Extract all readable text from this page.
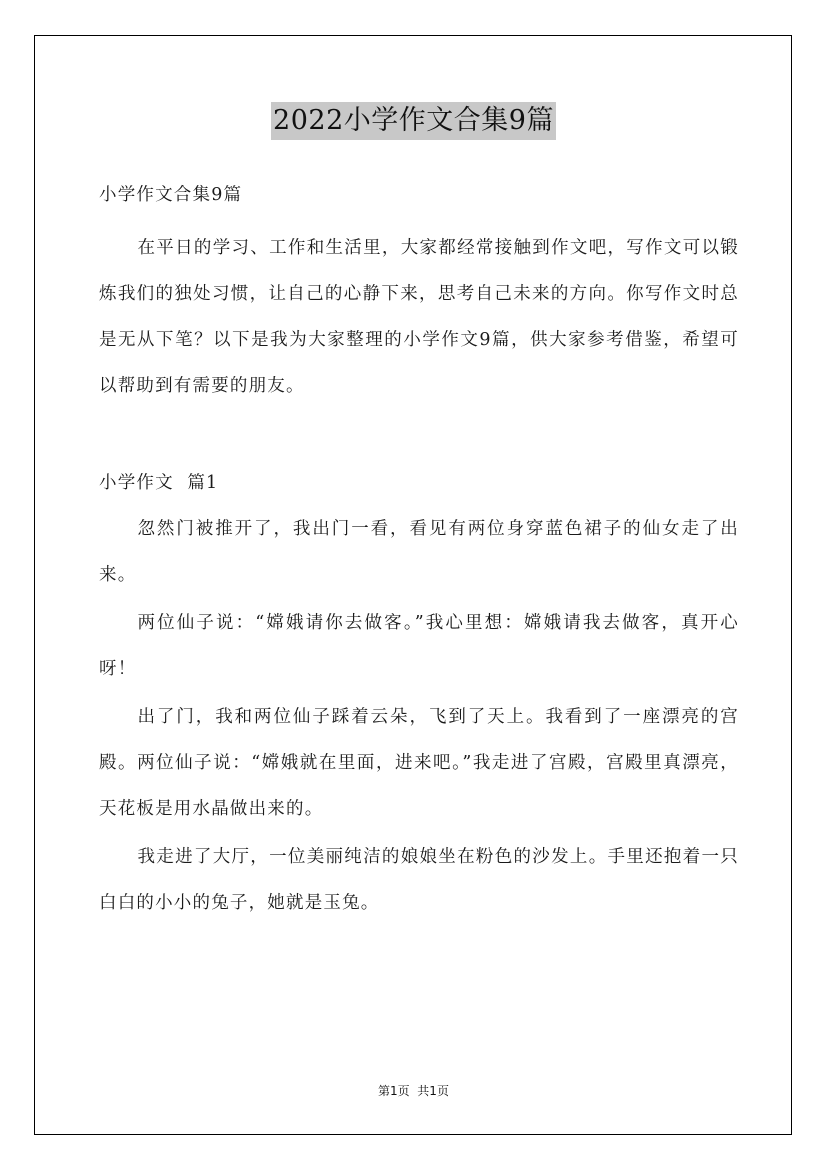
2022小学作文合集9篇

小学作文合集9篇

在平日的学习、工作和生活里，大家都经常接触到作文吧，写作文可以锻炼我们的独处习惯，让自己的心静下来，思考自己未来的方向。你写作文时总是无从下笔？以下是我为大家整理的小学作文9篇，供大家参考借鉴，希望可以帮助到有需要的朋友。

小学作文  篇1

忽然门被推开了，我出门一看，看见有两位身穿蓝色裙子的仙女走了出来。

两位仙子说：“嫦娥请你去做客。”我心里想：嫦娥请我去做客，真开心呀！

出了门，我和两位仙子踩着云朵，飞到了天上。我看到了一座漂亮的宫殿。两位仙子说：“嫦娥就在里面，进来吧。”我走进了宫殿，宫殿里真漂亮，天花板是用水晶做出来的。

我走进了大厅，一位美丽纯洁的娘娘坐在粉色的沙发上。手里还抱着一只白白的小小的兔子，她就是玉兔。

第1页  共1页
